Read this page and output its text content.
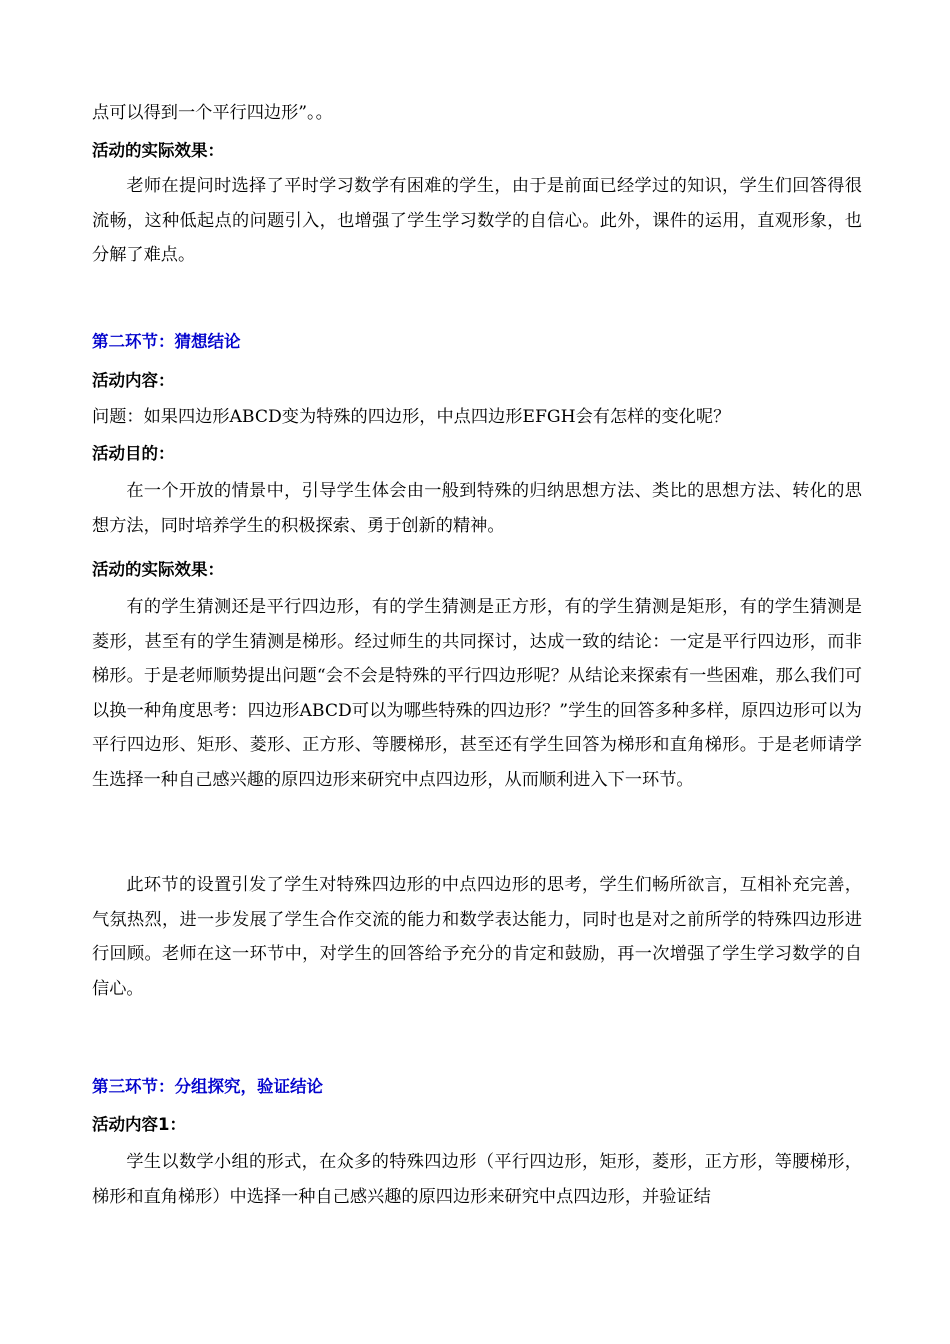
点可以得到一个平行四边形”。。

活动的实际效果：

老师在提问时选择了平时学习数学有困难的学生，由于是前面已经学过的知识，学生们回答得很流畅，这种低起点的问题引入，也增强了学生学习数学的自信心。此外，课件的运用，直观形象，也分解了难点。

第二环节：猜想结论

活动内容：

问题：如果四边形ABCD变为特殊的四边形，中点四边形EFGH会有怎样的变化呢？

活动目的：

在一个开放的情景中，引导学生体会由一般到特殊的归纳思想方法、类比的思想方法、转化的思想方法，同时培养学生的积极探索、勇于创新的精神。

活动的实际效果：

有的学生猜测还是平行四边形，有的学生猜测是正方形，有的学生猜测是矩形，有的学生猜测是菱形，甚至有的学生猜测是梯形。经过师生的共同探讨，达成一致的结论：一定是平行四边形，而非梯形。于是老师顺势提出问题“会不会是特殊的平行四边形呢？从结论来探索有一些困难，那么我们可以换一种角度思考：四边形ABCD可以为哪些特殊的四边形？”学生的回答多种多样，原四边形可以为平行四边形、矩形、菱形、正方形、等腰梯形，甚至还有学生回答为梯形和直角梯形。于是老师请学生选择一种自己感兴趣的原四边形来研究中点四边形，从而顺利进入下一环节。

此环节的设置引发了学生对特殊四边形的中点四边形的思考，学生们畅所欲言，互相补充完善，气氛热烈，进一步发展了学生合作交流的能力和数学表达能力，同时也是对之前所学的特殊四边形进行回顾。老师在这一环节中，对学生的回答给予充分的肯定和鼓励，再一次增强了学生学习数学的自信心。

第三环节：分组探究，验证结论

活动内容1：

学生以数学小组的形式，在众多的特殊四边形（平行四边形，矩形，菱形，正方形，等腰梯形，梯形和直角梯形）中选择一种自己感兴趣的原四边形来研究中点四边形，并验证结
